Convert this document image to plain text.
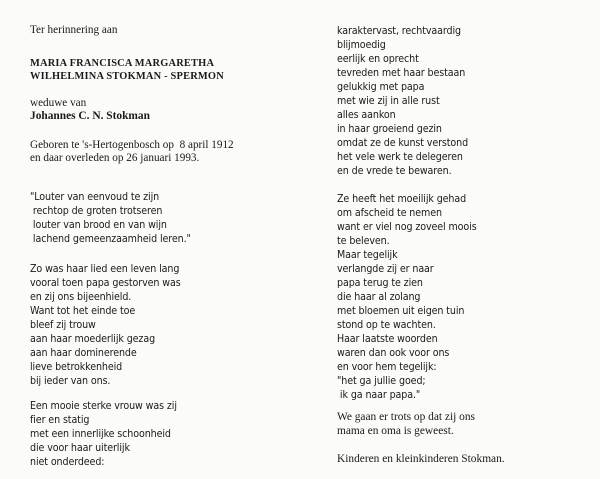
Ter herinnering aan
MARIA FRANCISCA MARGARETHA
WILHELMINA STOKMAN - SPERMON
weduwe van
Johannes C. N. Stokman
Geboren te 's-Hertogenbosch op  8 april 1912
en daar overleden op 26 januari 1993.
"Louter van eenvoud te zijn
rechtop de groten trotseren
louter van brood en van wijn
lachend gemeenzaamheid leren."
Zo was haar lied een leven lang
vooral toen papa gestorven was
en zij ons bijeenhield.
Want tot het einde toe
bleef zij trouw
aan haar moederlijk gezag
aan haar dominerende
lieve betrokkenheid
bij ieder van ons.
Een mooie sterke vrouw was zij
fier en statig
met een innerlijke schoonheid
die voor haar uiterlijk
niet onderdeed:
karaktervast, rechtvaardig
blijmoedig
eerlijk en oprecht
tevreden met haar bestaan
gelukkig met papa
met wie zij in alle rust
alles aankon
in haar groeiend gezin
omdat ze de kunst verstond
het vele werk te delegeren
en de vrede te bewaren.
Ze heeft het moeilijk gehad
om afscheid te nemen
want er viel nog zoveel moois
te beleven.
Maar tegelijk
verlangde zij er naar
papa terug te zien
die haar al zolang
met bloemen uit eigen tuin
stond op te wachten.
Haar laatste woorden
waren dan ook voor ons
en voor hem tegelijk:
"het ga jullie goed;
ik ga naar papa."
We gaan er trots op dat zij ons
mama en oma is geweest.
Kinderen en kleinkinderen Stokman.
